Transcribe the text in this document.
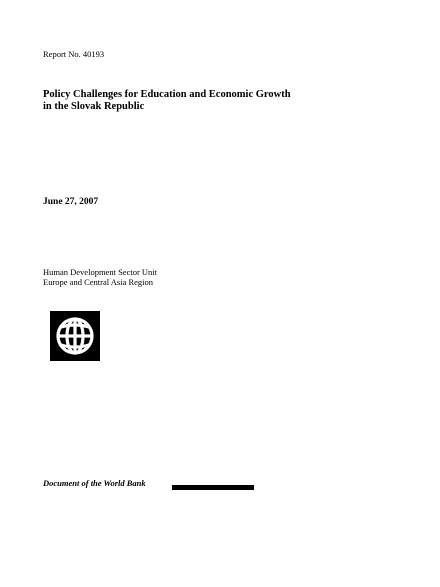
Report No. 40193
Policy Challenges for Education and Economic Growth
in the Slovak Republic
June 27, 2007
Human Development Sector Unit
Europe and Central Asia Region
Document of the World Bank
